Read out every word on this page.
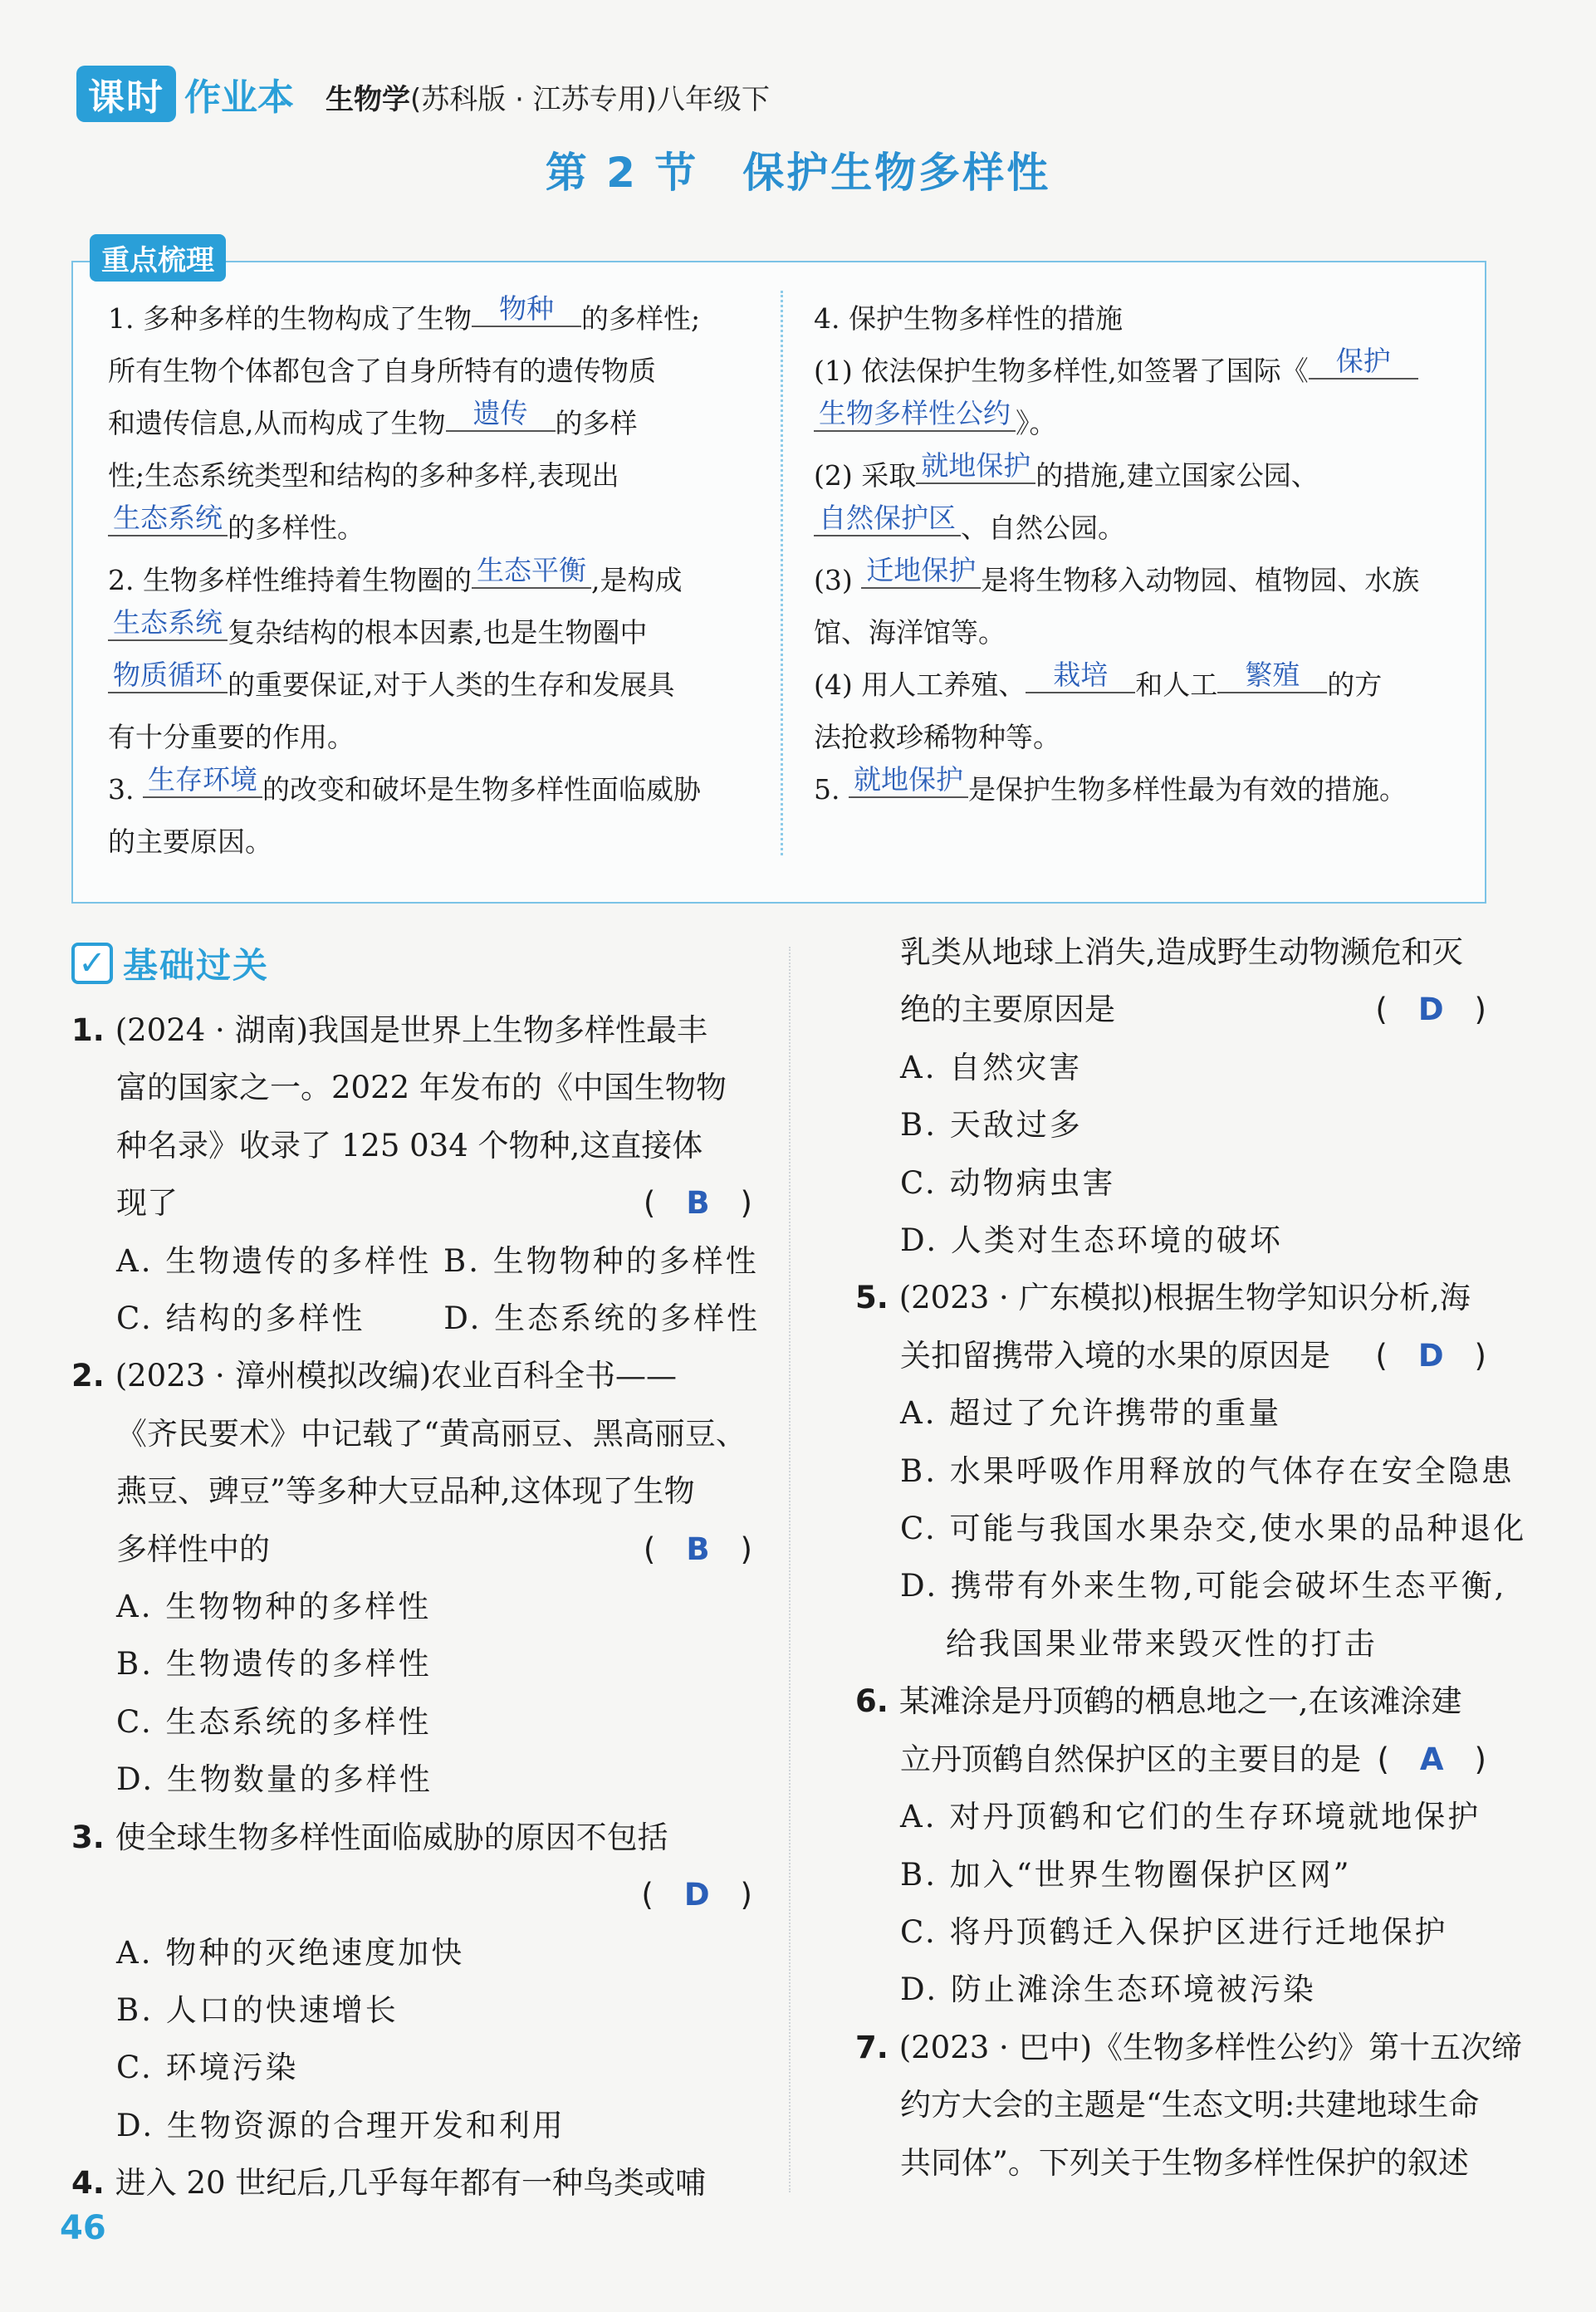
课时 作业本 生物学(苏科版 · 江苏专用)八年级下
第 2 节　保护生物多样性
重点梳理

1. 多种多样的生物构成了生物 物种 的多样性;

所有生物个体都包含了自身所特有的遗传物质

和遗传信息,从而构成了生物 遗传 的多样

性;生态系统类型和结构的多种多样,表现出

生态系统 的多样性。

2. 生物多样性维持着生物圈的 生态平衡 ,是构成

生态系统 复杂结构的根本因素,也是生物圈中

物质循环 的重要保证,对于人类的生存和发展具

有十分重要的作用。

3. 生存环境 的改变和破坏是生物多样性面临威胁

的主要原因。

4. 保护生物多样性的措施

(1) 依法保护生物多样性,如签署了国际《 保护

生物多样性公约 》。

(2) 采取 就地保护 的措施,建立国家公园、

自然保护区 、自然公园。

(3) 迁地保护 是将生物移入动物园、植物园、水族

馆、海洋馆等。

(4) 用人工养殖、 栽培 和人工 繁殖 的方

法抢救珍稀物种等。

5. 就地保护 是保护生物多样性最为有效的措施。

✓ 基础过关
1. (2024 · 湖南)我国是世界上生物多样性最丰
富的国家之一。2022 年发布的《中国生物物
种名录》收录了 125 034 个物种,这直接体
现了	(　B　)
A. 生物遗传的多样性 B. 生物物种的多样性
C. 结构的多样性　　 D. 生态系统的多样性
2. (2023 · 漳州模拟改编)农业百科全书——
《齐民要术》中记载了“黄高丽豆、黑高丽豆、
燕豆、豍豆”等多种大豆品种,这体现了生物
多样性中的	(　B　)
A. 生物物种的多样性
B. 生物遗传的多样性
C. 生态系统的多样性
D. 生物数量的多样性
3. 使全球生物多样性面临威胁的原因不包括
(　D　)
A. 物种的灭绝速度加快
B. 人口的快速增长
C. 环境污染
D. 生物资源的合理开发和利用
4. 进入 20 世纪后,几乎每年都有一种鸟类或哺
乳类从地球上消失,造成野生动物濒危和灭
绝的主要原因是	(　D　)
A. 自然灾害
B. 天敌过多
C. 动物病虫害
D. 人类对生态环境的破坏
5. (2023 · 广东模拟)根据生物学知识分析,海
关扣留携带入境的水果的原因是 (　D　)
A. 超过了允许携带的重量
B. 水果呼吸作用释放的气体存在安全隐患
C. 可能与我国水果杂交,使水果的品种退化
D. 携带有外来生物,可能会破坏生态平衡,
　 给我国果业带来毁灭性的打击
6. 某滩涂是丹顶鹤的栖息地之一,在该滩涂建
立丹顶鹤自然保护区的主要目的是 (　A　)
A. 对丹顶鹤和它们的生存环境就地保护
B. 加入“世界生物圈保护区网”
C. 将丹顶鹤迁入保护区进行迁地保护
D. 防止滩涂生态环境被污染
7. (2023 · 巴中)《生物多样性公约》第十五次缔
约方大会的主题是“生态文明:共建地球生命
共同体”。下列关于生物多样性保护的叙述
46
